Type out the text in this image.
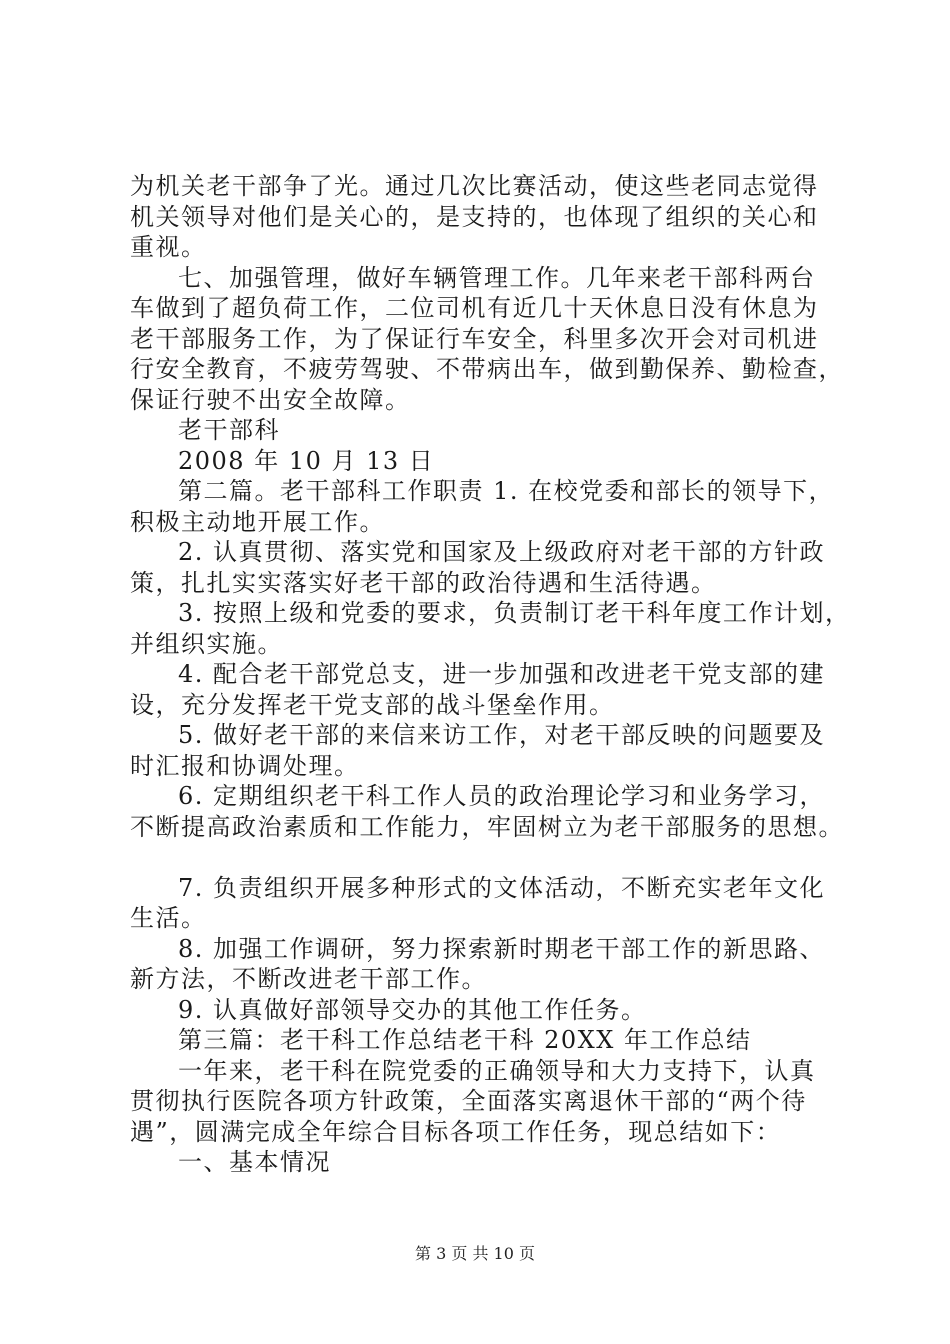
为机关老干部争了光。通过几次比赛活动，使这些老同志觉得
机关领导对他们是关心的，是支持的，也体现了组织的关心和
重视。
七、加强管理，做好车辆管理工作。几年来老干部科两台
车做到了超负荷工作，二位司机有近几十天休息日没有休息为
老干部服务工作，为了保证行车安全，科里多次开会对司机进
行安全教育，不疲劳驾驶、不带病出车，做到勤保养、勤检查，
保证行驶不出安全故障。
老干部科
2008 年 10 月 13 日
第二篇。老干部科工作职责 1. 在校党委和部长的领导下，
积极主动地开展工作。
2. 认真贯彻、落实党和国家及上级政府对老干部的方针政
策，扎扎实实落实好老干部的政治待遇和生活待遇。
3. 按照上级和党委的要求，负责制订老干科年度工作计划，
并组织实施。
4. 配合老干部党总支，进一步加强和改进老干党支部的建
设，充分发挥老干党支部的战斗堡垒作用。
5. 做好老干部的来信来访工作，对老干部反映的问题要及
时汇报和协调处理。
6. 定期组织老干科工作人员的政治理论学习和业务学习，
不断提高政治素质和工作能力，牢固树立为老干部服务的思想。
7. 负责组织开展多种形式的文体活动，不断充实老年文化
生活。
8. 加强工作调研，努力探索新时期老干部工作的新思路、
新方法，不断改进老干部工作。
9. 认真做好部领导交办的其他工作任务。
第三篇：老干科工作总结老干科 20XX 年工作总结
一年来，老干科在院党委的正确领导和大力支持下，认真
贯彻执行医院各项方针政策，全面落实离退休干部的“两个待
遇”，圆满完成全年综合目标各项工作任务，现总结如下：
一、基本情况
第 3 页 共 10 页
